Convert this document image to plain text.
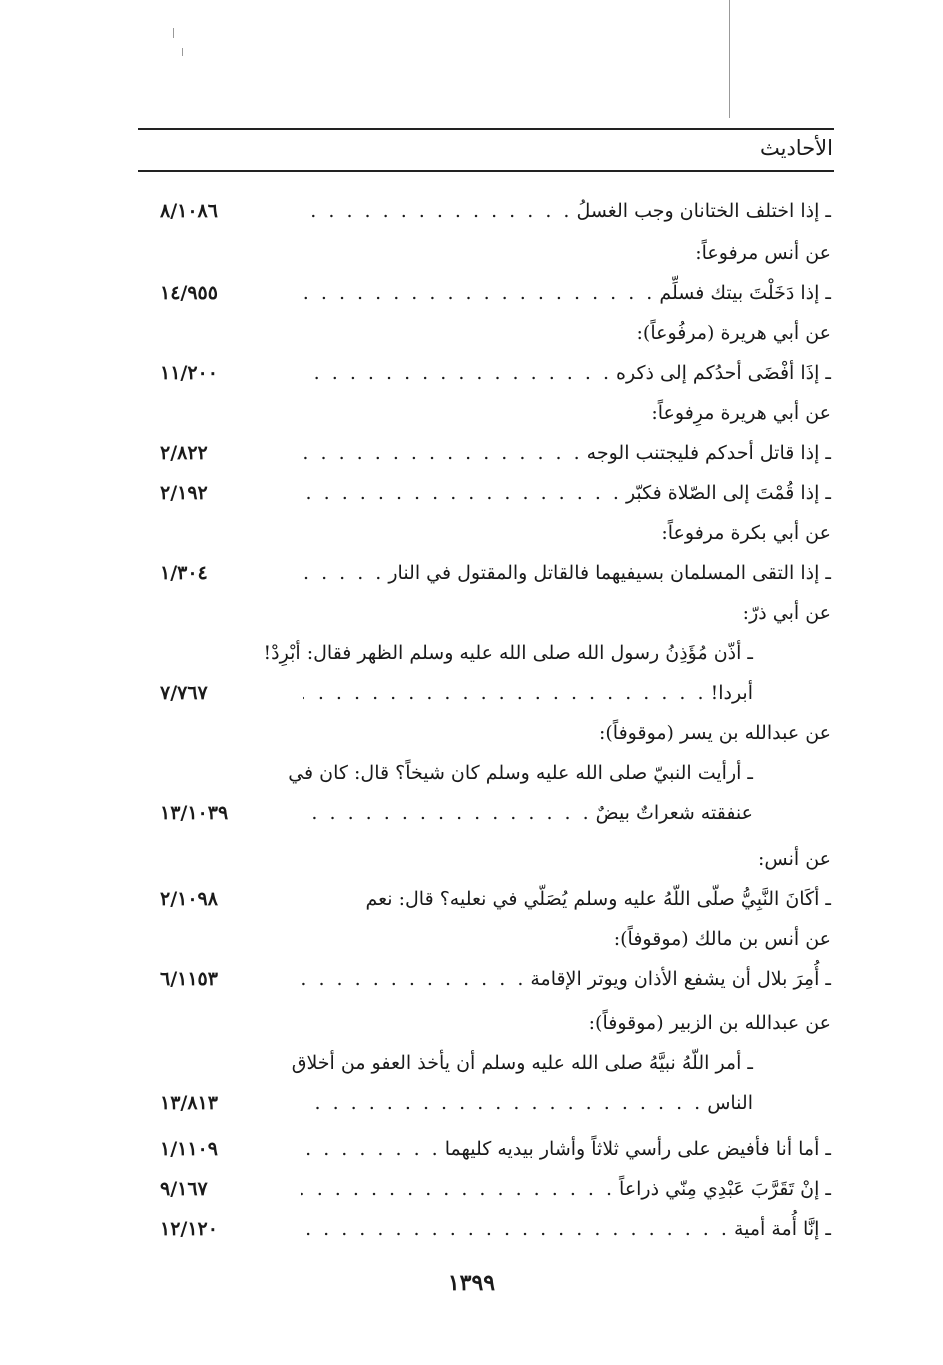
الأحاديث
ـ إذا اختلف الختانان وجب الغسلُ
. . .
٨/١٠٨٦
عن أنس مرفوعاً:
ـ إذا دَخَلْتَ بيتك فسلِّم
. . .
١٤/٩٥٥
عن أبي هريرة (مرفُوعاً):
ـ إذَا أفْضَى أحدُكم إلى ذكره
. . .
١١/٢٠٠
عن أبي هريرة مرِفوعاً:
ـ إذا قاتل أحدكم فليجتنب الوجه
. . .
٢/٨٢٢
ـ إذا قُمْتَ إلى الصّلاة فكبّر
. . .
٢/١٩٢
عن أبي بكرة مرفوعاً:
ـ إذا التقى المسلمان بسيفيهما فالقاتل والمقتول في النار
. . .
١/٣٠٤
عن أبي ذرّ:
ـ أذّن مُؤَذِنُ رسول الله صلى الله عليه وسلم الظهر فقال: أبْرِدْ!
أبردا!
. . .
٧/٧٦٧
عن عبدالله بن يسر (موقوفاً):
ـ أرأيت النبيّ صلى الله عليه وسلم كان شيخاً؟ قال: كان في
عنفقته شعراتٌ بيضٌ
. . .
١٣/١٠٣٩
عن أنس:
ـ أكَانَ النَّبِيُّ صلّى اللّهُ عليه وسلم يُصَلّي في نعليه؟ قال: نعم
٢/١٠٩٨
عن أنس بن مالك (موقوفاً):
ـ أُمِرَ بلال أن يشفع الأذان ويوتر الإقامة
. . .
٦/١١٥٣
عن عبدالله بن الزبير (موقوفاً):
ـ أمر اللّهُ نبيَّهُ صلى الله عليه وسلم أن يأخذ العفو من أخلاق
الناس
. . .
١٣/٨١٣
ـ أما أنا فأفيض على رأسي ثلاثاً وأشار بيديه كليهما
. . .
١/١١٠٩
ـ إنْ تَقَرَّبَ عَبْدِي مِنّي ذراعاً
. . .
٩/١٦٧
ـ إنَّا أُمة أمية
. . .
١٢/١٢٠
١٣٩٩
